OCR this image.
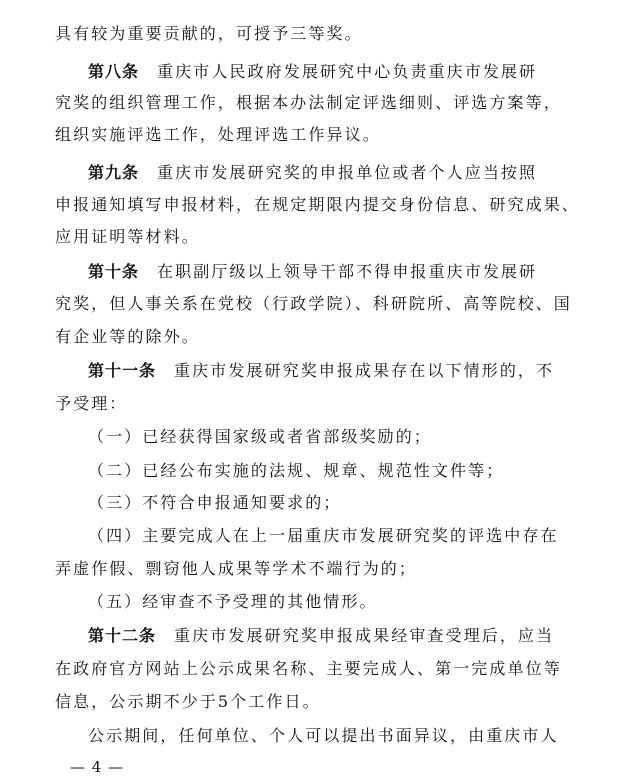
具有较为重要贡献的，可授予三等奖。
第八条 重庆市人民政府发展研究中心负责重庆市发展研
究奖的组织管理工作，根据本办法制定评选细则、评选方案等，
组织实施评选工作，处理评选工作异议。
第九条 重庆市发展研究奖的申报单位或者个人应当按照
申报通知填写申报材料，在规定期限内提交身份信息、研究成果、
应用证明等材料。
第十条 在职副厅级以上领导干部不得申报重庆市发展研
究奖，但人事关系在党校（行政学院）、科研院所、高等院校、国
有企业等的除外。
第十一条 重庆市发展研究奖申报成果存在以下情形的，不
予受理：
（一）已经获得国家级或者省部级奖励的；
（二）已经公布实施的法规、规章、规范性文件等；
（三）不符合申报通知要求的；
（四）主要完成人在上一届重庆市发展研究奖的评选中存在
弄虚作假、剽窃他人成果等学术不端行为的；
（五）经审查不予受理的其他情形。
第十二条 重庆市发展研究奖申报成果经审查受理后，应当
在政府官方网站上公示成果名称、主要完成人、第一完成单位等
信息，公示期不少于5个工作日。
公示期间，任何单位、个人可以提出书面异议，由重庆市人
— 4 —
